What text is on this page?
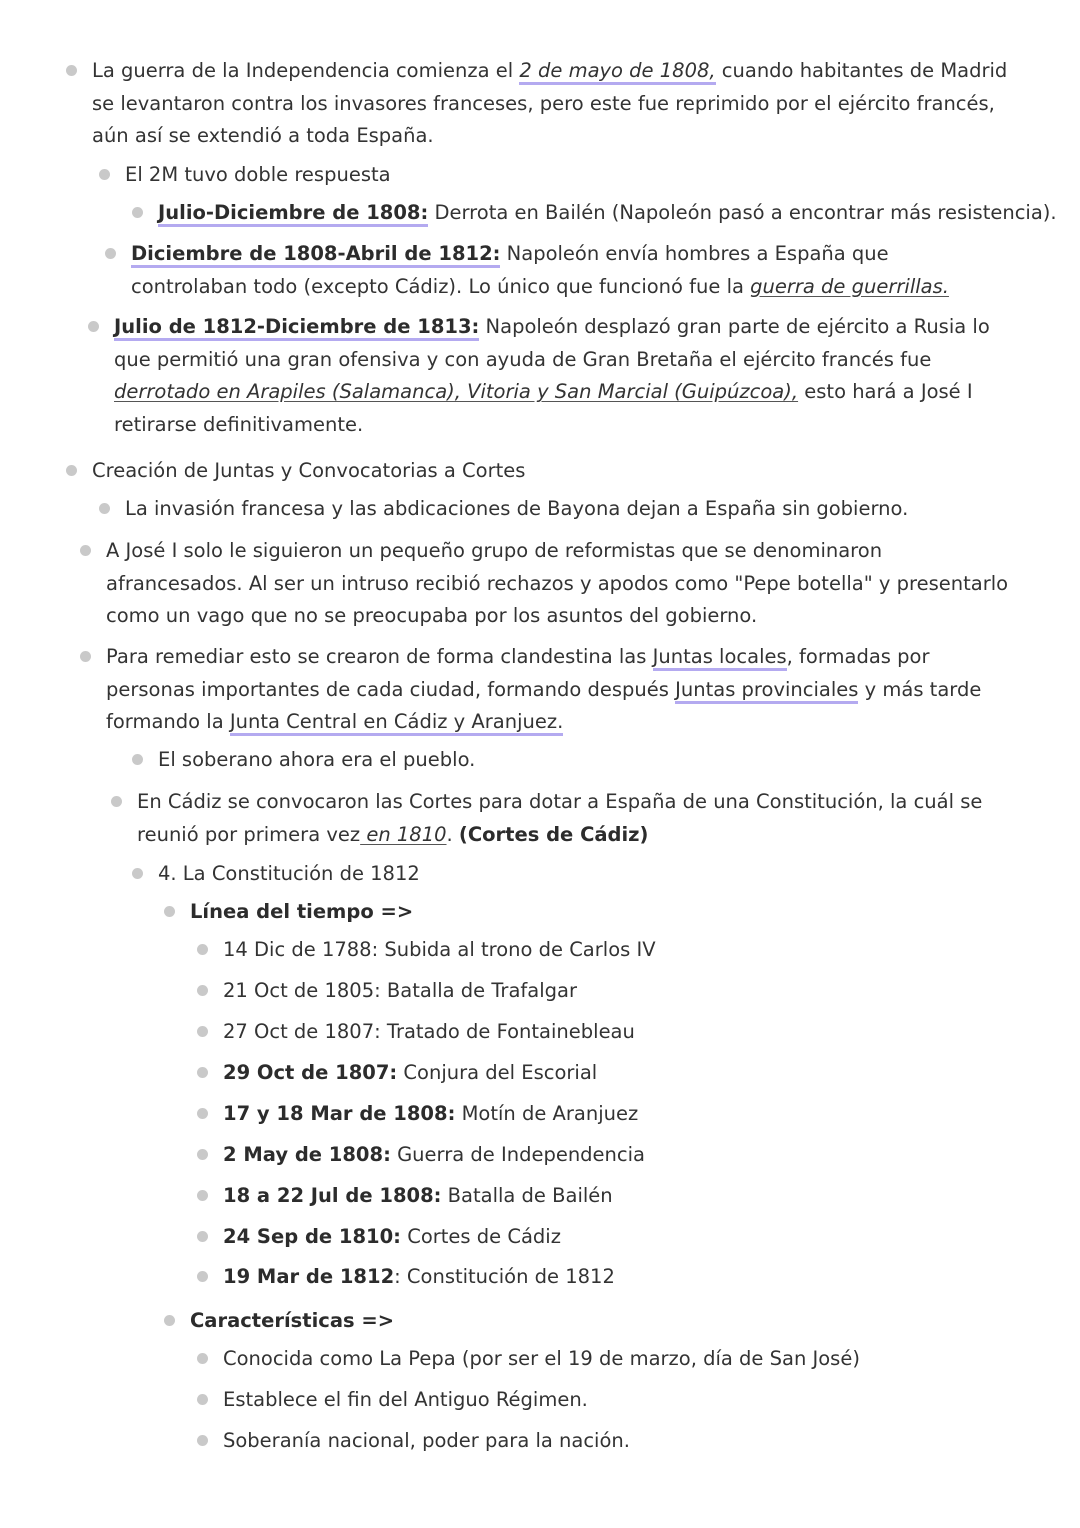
La guerra de la Independencia comienza el 2 de mayo de 1808, cuando habitantes de Madrid se levantaron contra los invasores franceses, pero este fue reprimido por el ejército francés, aún así se extendió a toda España.
El 2M tuvo doble respuesta
Julio-Diciembre de 1808: Derrota en Bailén (Napoleón pasó a encontrar más resistencia).
Diciembre de 1808-Abril de 1812: Napoleón envía hombres a España que controlaban todo (excepto Cádiz). Lo único que funcionó fue la guerra de guerrillas.
Julio de 1812-Diciembre de 1813: Napoleón desplazó gran parte de ejército a Rusia lo que permitió una gran ofensiva y con ayuda de Gran Bretaña el ejército francés fue derrotado en Arapiles (Salamanca), Vitoria y San Marcial (Guipúzcoa), esto hará a José I retirarse definitivamente.
Creación de Juntas y Convocatorias a Cortes
La invasión francesa y las abdicaciones de Bayona dejan a España sin gobierno.
A José I solo le siguieron un pequeño grupo de reformistas que se denominaron afrancesados. Al ser un intruso recibió rechazos y apodos como "Pepe botella" y presentarlo como un vago que no se preocupaba por los asuntos del gobierno.
Para remediar esto se crearon de forma clandestina las Juntas locales, formadas por personas importantes de cada ciudad, formando después Juntas provinciales y más tarde formando la Junta Central en Cádiz y Aranjuez.
El soberano ahora era el pueblo.
En Cádiz se convocaron las Cortes para dotar a España de una Constitución, la cuál se reunió por primera vez en 1810. (Cortes de Cádiz)
4. La Constitución de 1812
Línea del tiempo =>
14 Dic de 1788: Subida al trono de Carlos IV
21 Oct de 1805: Batalla de Trafalgar
27 Oct de 1807: Tratado de Fontainebleau
29 Oct de 1807: Conjura del Escorial
17 y 18 Mar de 1808: Motín de Aranjuez
2 May de 1808: Guerra de Independencia
18 a 22 Jul de 1808: Batalla de Bailén
24 Sep de 1810: Cortes de Cádiz
19 Mar de 1812: Constitución de 1812
Características =>
Conocida como La Pepa (por ser el 19 de marzo, día de San José)
Establece el fin del Antiguo Régimen.
Soberanía nacional, poder para la nación.
